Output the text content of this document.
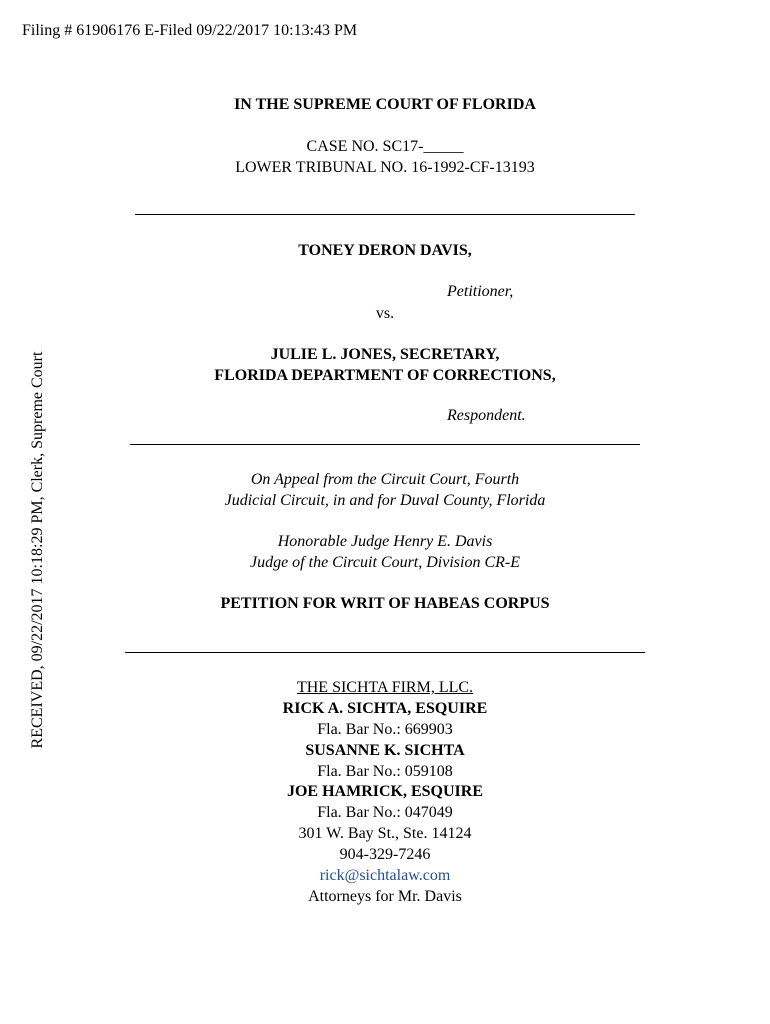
Filing # 61906176 E-Filed 09/22/2017 10:13:43 PM
RECEIVED, 09/22/2017 10:18:29 PM, Clerk, Supreme Court
IN THE SUPREME COURT OF FLORIDA
CASE NO. SC17-_____
LOWER TRIBUNAL NO. 16-1992-CF-13193
TONEY DERON DAVIS,
Petitioner,
vs.
JULIE L. JONES, SECRETARY,
FLORIDA DEPARTMENT OF CORRECTIONS,
Respondent.
On Appeal from the Circuit Court, Fourth
Judicial Circuit, in and for Duval County, Florida
Honorable Judge Henry E. Davis
Judge of the Circuit Court, Division CR-E
PETITION FOR WRIT OF HABEAS CORPUS
THE SICHTA FIRM, LLC.
RICK A. SICHTA, ESQUIRE
Fla. Bar No.: 669903
SUSANNE K. SICHTA
Fla. Bar No.: 059108
JOE HAMRICK, ESQUIRE
Fla. Bar No.: 047049
301 W. Bay St., Ste. 14124
904-329-7246
rick@sichtalaw.com
Attorneys for Mr. Davis
